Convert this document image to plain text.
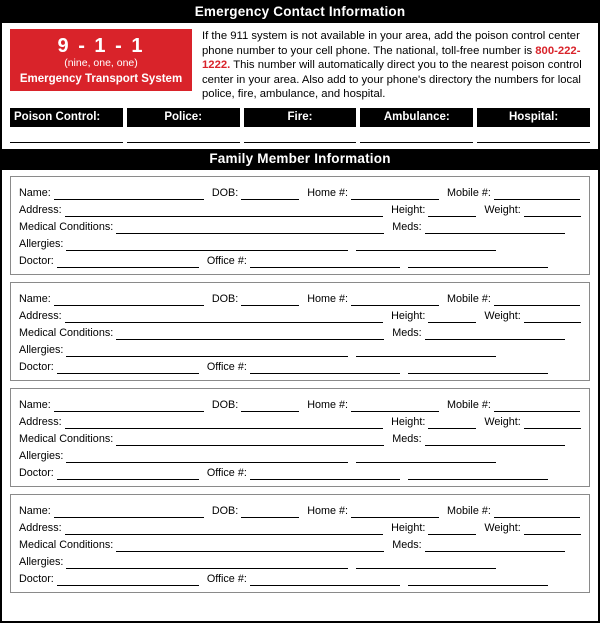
Emergency Contact Information
9 - 1 - 1
(nine, one, one)
Emergency Transport System
If the 911 system is not available in your area, add the poison control center phone number to your cell phone. The national, toll-free number is 800-222-1222. This number will automatically direct you to the nearest poison control center in your area. Also add to your phone's directory the numbers for local police, fire, ambulance, and hospital.
Poison Control:	Police:	Fire:	Ambulance:	Hospital:
Family Member Information
Name:	DOB:	Home #:	Mobile #:
Address:	Height:	Weight:
Medical Conditions:	Meds:
Allergies:
Doctor:	Office #:
Name:	DOB:	Home #:	Mobile #:
Address:	Height:	Weight:
Medical Conditions:	Meds:
Allergies:
Doctor:	Office #:
Name:	DOB:	Home #:	Mobile #:
Address:	Height:	Weight:
Medical Conditions:	Meds:
Allergies:
Doctor:	Office #:
Name:	DOB:	Home #:	Mobile #:
Address:	Height:	Weight:
Medical Conditions:	Meds:
Allergies:
Doctor:	Office #:
